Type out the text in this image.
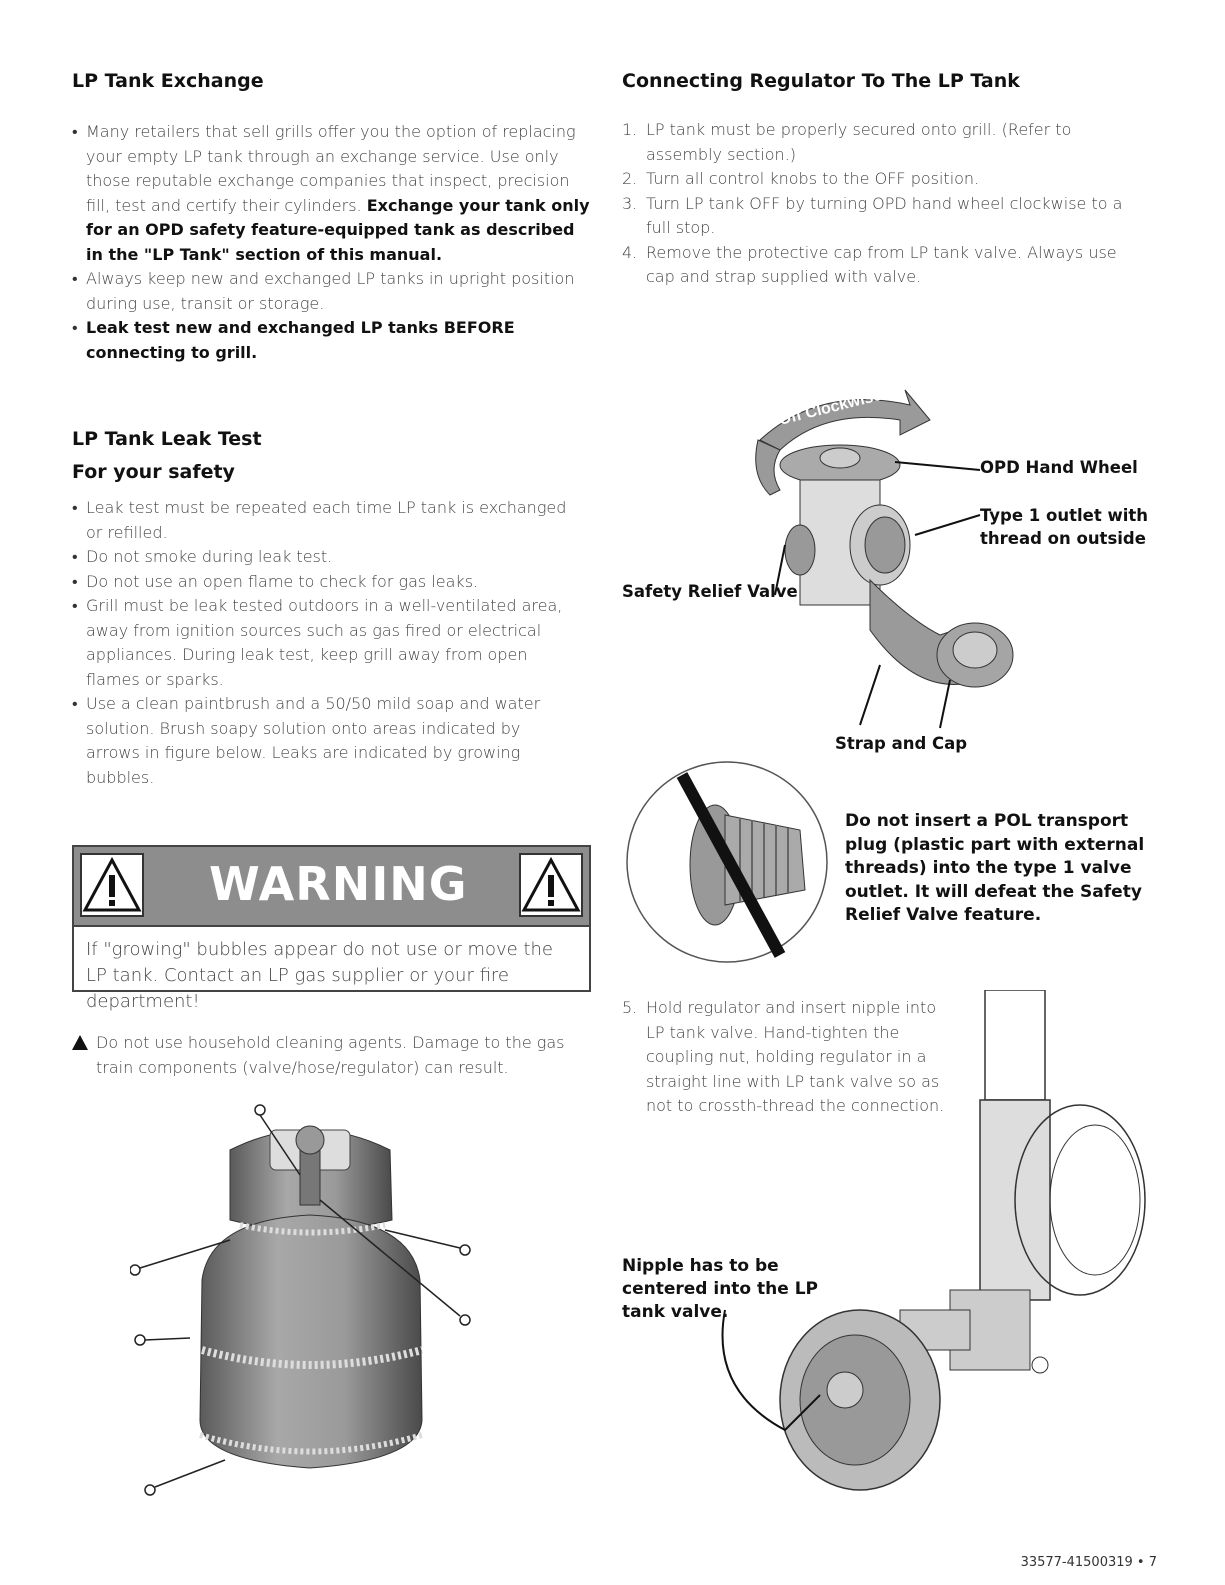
LP Tank Exchange
• Many retailers that sell grills offer you the option of replacing your empty LP tank through an exchange service. Use only those reputable exchange companies that inspect, precision fill, test and certify their cylinders. Exchange your tank only for an OPD safety feature-equipped tank as described in the "LP Tank" section of this manual.
• Always keep new and exchanged LP tanks in upright position during use, transit or storage.
• Leak test new and exchanged LP tanks BEFORE connecting to grill.
LP Tank Leak Test
For your safety
• Leak test must be repeated each time LP tank is exchanged or refilled.
• Do not smoke during leak test.
• Do not use an open flame to check for gas leaks.
• Grill must be leak tested outdoors in a well-ventilated area, away from ignition sources such as gas fired or electrical appliances. During leak test, keep grill away from open flames or sparks.
• Use a clean paintbrush and a 50/50 mild soap and water solution. Brush soapy solution onto areas indicated by arrows in figure below. Leaks are indicated by growing bubbles.
WARNING
If "growing" bubbles appear do not use or move the LP tank. Contact an LP gas supplier or your fire department!
Do not use household cleaning agents. Damage to the gas train components (valve/hose/regulator) can result.
Connecting Regulator To The LP Tank
1. LP tank must be properly secured onto grill. (Refer to assembly section.)
2. Turn all control knobs to the OFF position.
3. Turn LP tank OFF by turning OPD hand wheel clockwise to a full stop.
4. Remove the protective cap from LP tank valve. Always use cap and strap supplied with valve.
Off Clockwise
OPD Hand Wheel
Type 1 outlet with thread on outside
Safety Relief Valve
Strap and Cap
Do not insert a POL transport plug (plastic part with external threads) into the type 1 valve outlet. It will defeat the Safety Relief Valve feature.
5. Hold regulator and insert nipple into LP tank valve. Hand-tighten the coupling nut, holding regulator in a straight line with LP tank valve so as not to crossth-thread the connection.
Nipple has to be centered into the LP tank valve.
33577-41500319 • 7
